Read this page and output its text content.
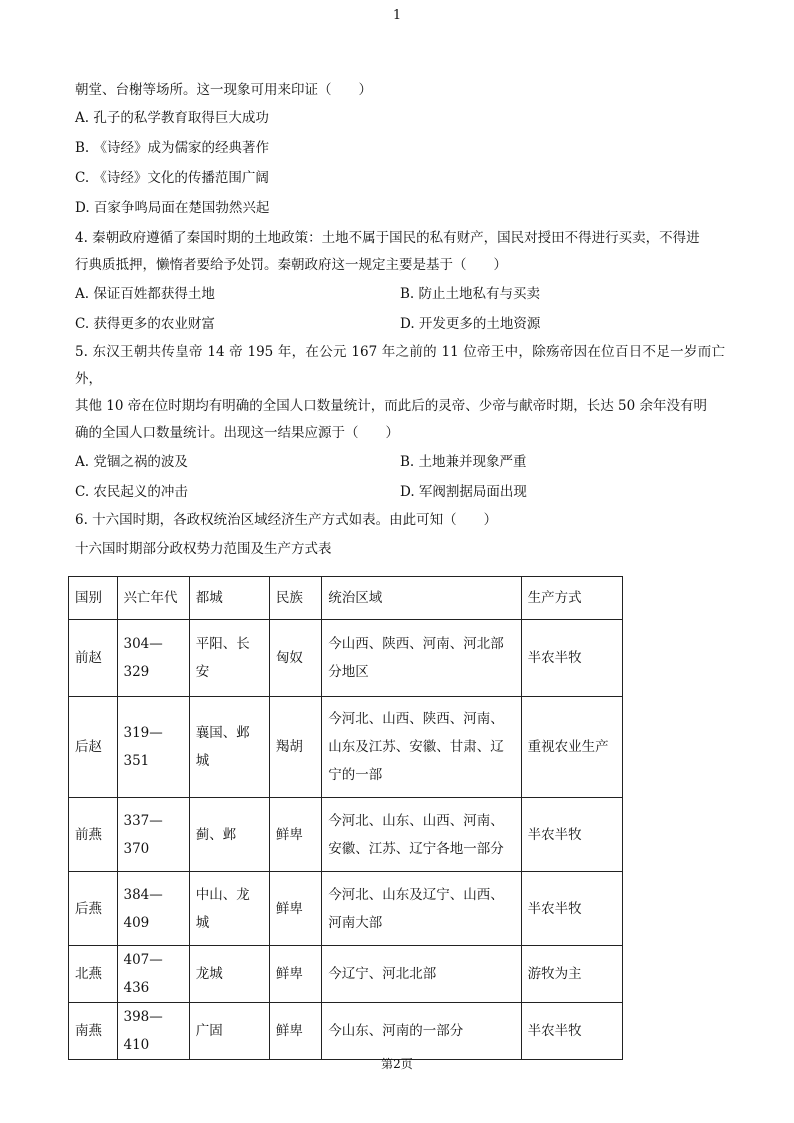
1
朝堂、台榭等场所。这一现象可用来印证（　　）
A. 孔子的私学教育取得巨大成功
B. 《诗经》成为儒家的经典著作
C. 《诗经》文化的传播范围广阔
D. 百家争鸣局面在楚国勃然兴起
4. 秦朝政府遵循了秦国时期的土地政策：土地不属于国民的私有财产，国民对授田不得进行买卖，不得进
行典质抵押，懒惰者要给予处罚。秦朝政府这一规定主要是基于（　　）
A. 保证百姓都获得土地	B. 防止土地私有与买卖
C. 获得更多的农业财富	D. 开发更多的土地资源
5. 东汉王朝共传皇帝 14 帝 195 年，在公元 167 年之前的 11 位帝王中，除殇帝因在位百日不足一岁而亡外，
其他 10 帝在位时期均有明确的全国人口数量统计，而此后的灵帝、少帝与献帝时期，长达 50 余年没有明
确的全国人口数量统计。出现这一结果应源于（　　）
A. 党锢之祸的波及	B. 土地兼并现象严重
C. 农民起义的冲击	D. 军阀割据局面出现
6. 十六国时期，各政权统治区域经济生产方式如表。由此可知（　　）
十六国时期部分政权势力范围及生产方式表
国别	兴亡年代	都城	民族	统治区域	生产方式
前赵	304—329	平阳、长安	匈奴	今山西、陕西、河南、河北部分地区	半农半牧
后赵	319—351	襄国、邺城	羯胡	今河北、山西、陕西、河南、山东及江苏、安徽、甘肃、辽宁的一部	重视农业生产
前燕	337—370	蓟、邺	鲜卑	今河北、山东、山西、河南、安徽、江苏、辽宁各地一部分	半农半牧
后燕	384—409	中山、龙城	鲜卑	今河北、山东及辽宁、山西、河南大部	半农半牧
北燕	407—436	龙城	鲜卑	今辽宁、河北北部	游牧为主
南燕	398—410	广固	鲜卑	今山东、河南的一部分	半农半牧
第2页
